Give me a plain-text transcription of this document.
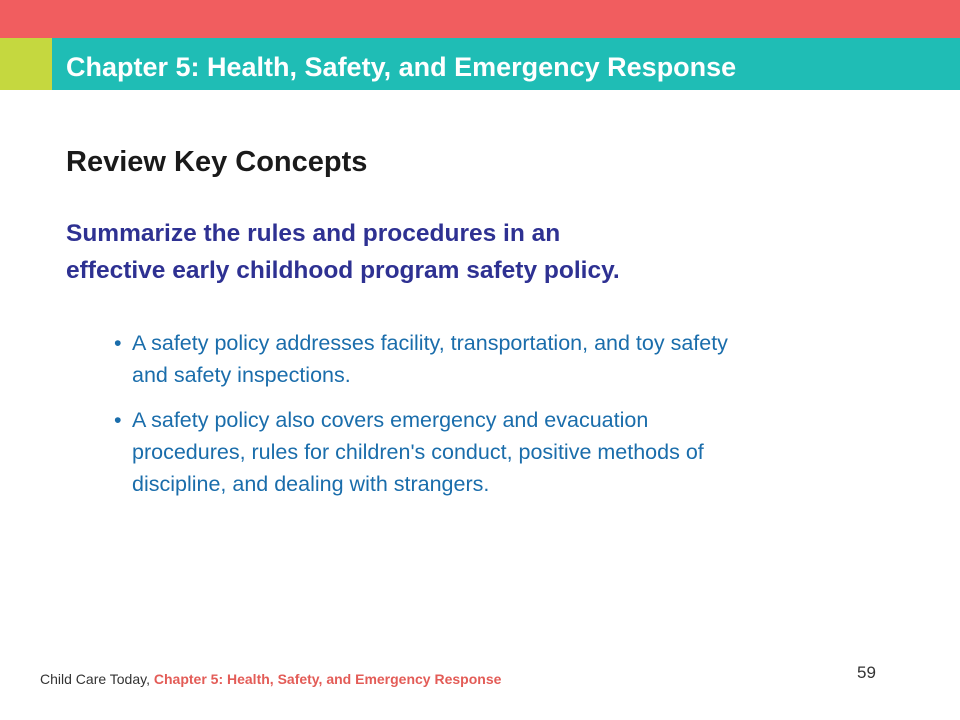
Chapter 5: Health, Safety, and Emergency Response
Review Key Concepts
Summarize the rules and procedures in an
effective early childhood program safety policy.
• A safety policy addresses facility, transportation, and toy safety
and safety inspections.
• A safety policy also covers emergency and evacuation
procedures, rules for children's conduct, positive methods of
discipline, and dealing with strangers.
Child Care Today, Chapter 5: Health, Safety, and Emergency Response	59
